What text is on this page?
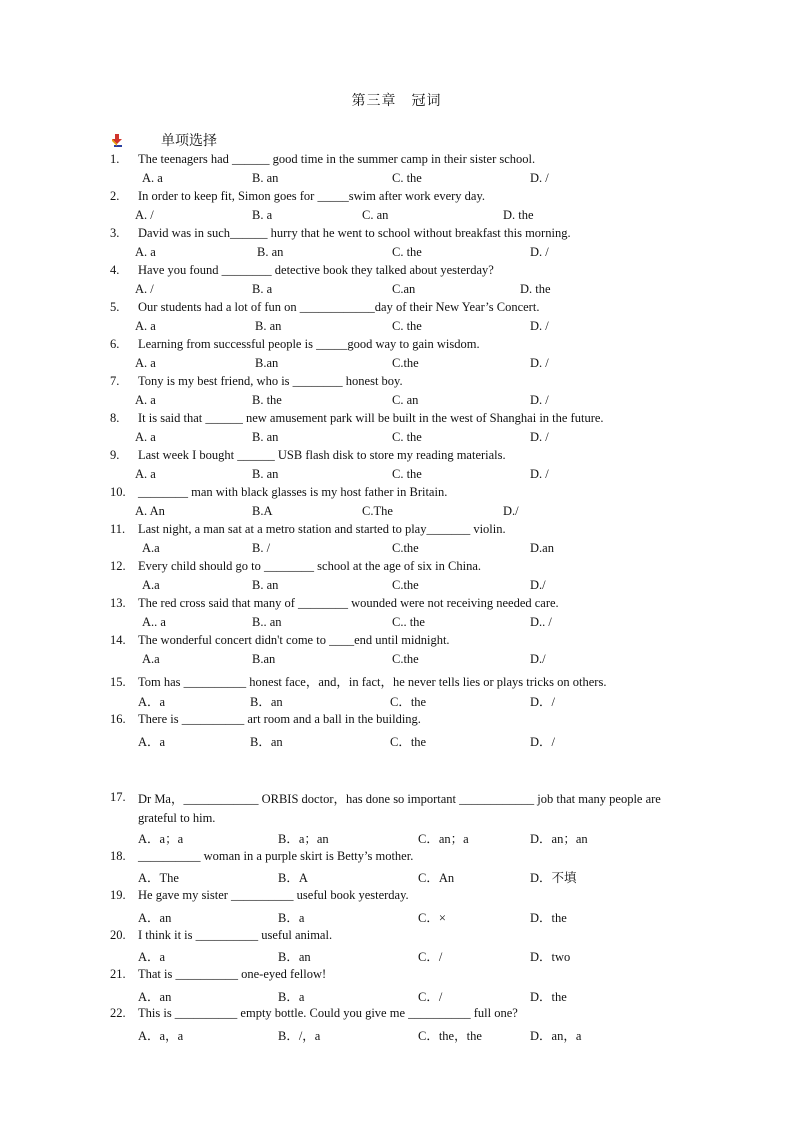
第三章　冠词
单项选择
1. The teenagers had ______ good time in the summer camp in their sister school.
A. a	B. an	C. the	D. /
2. In order to keep fit, Simon goes for _____swim after work every day.
A. /	B. a	C. an	D. the
3. David was in such______ hurry that he went to school without breakfast this morning.
A. a	B. an	C. the	D. /
4. Have you found ________ detective book they talked about yesterday?
A. /	B. a	C.an	D. the
5. Our students had a lot of fun on ____________day of their New Year’s Concert.
A. a	B. an	C. the	D. /
6. Learning from successful people is _____good way to gain wisdom.
A. a	B.an	C.the	D. /
7. Tony is my best friend, who is ________ honest boy.
A. a	B. the	C. an	D. /
8. It is said that ______ new amusement park will be built in the west of Shanghai in the future.
A. a	B. an	C. the	D. /
9. Last week I bought ______ USB flash disk to store my reading materials.
A. a	B. an	C. the	D. /
10. ________ man with black glasses is my host father in Britain.
A. An	B.A	C.The	D./
11. Last night, a man sat at a metro station and started to play_______ violin.
A.a	B. /	C.the	D.an
12. Every child should go to ________ school at the age of six in China.
A.a	B. an	C.the	D./
13. The red cross said that many of ________ wounded were not receiving needed care.
A.. a	B.. an	C.. the	D.. /
14. The wonderful concert didn't come to ____end until midnight.
A.a	B.an	C.the	D./
15. Tom has __________ honest face，and，in fact，he never tells lies or plays tricks on others.
A．a	B．an	C．the	D．/
16. There is __________ art room and a ball in the building.
A．a	B．an	C．the	D．/
17. Dr Ma，____________ ORBIS doctor，has done so important ____________ job that many people are grateful to him.
A．a；a	B．a；an	C．an；a	D．an；an
18. __________ woman in a purple skirt is Betty’s mother.
A．The	B．A	C．An	D．不填
19. He gave my sister __________ useful book yesterday.
A．an	B．a	C．×	D．the
20. I think it is __________ useful animal.
A．a	B．an	C．/	D．two
21. That is __________ one-eyed fellow!
A．an	B．a	C．/	D．the
22. This is __________ empty bottle. Could you give me __________ full one?
A．a，a	B．/，a	C．the，the	D．an，a
